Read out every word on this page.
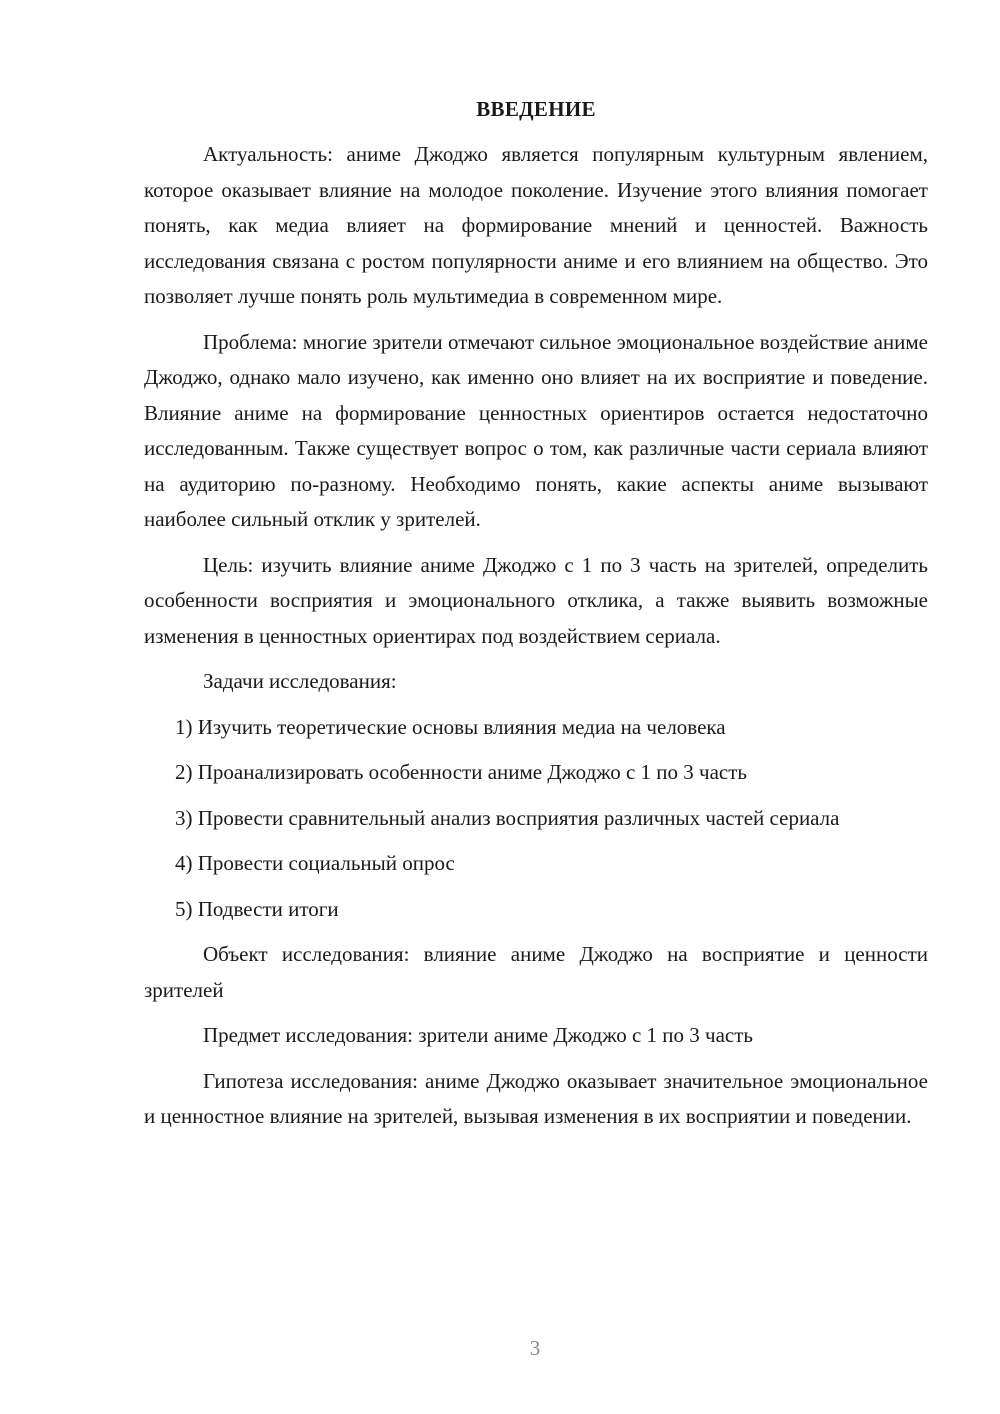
ВВЕДЕНИЕ

Актуальность: аниме Джоджо является популярным культурным явлением, которое оказывает влияние на молодое поколение. Изучение этого влияния помогает понять, как медиа влияет на формирование мнений и ценностей. Важность исследования связана с ростом популярности аниме и его влиянием на общество. Это позволяет лучше понять роль мультимедиа в современном мире.

Проблема: многие зрители отмечают сильное эмоциональное воздействие аниме Джоджо, однако мало изучено, как именно оно влияет на их восприятие и поведение. Влияние аниме на формирование ценностных ориентиров остается недостаточно исследованным. Также существует вопрос о том, как различные части сериала влияют на аудиторию по-разному. Необходимо понять, какие аспекты аниме вызывают наиболее сильный отклик у зрителей.

Цель: изучить влияние аниме Джоджо с 1 по 3 часть на зрителей, определить особенности восприятия и эмоционального отклика, а также выявить возможные изменения в ценностных ориентирах под воздействием сериала.

Задачи исследования:

1) Изучить теоретические основы влияния медиа на человека

2) Проанализировать особенности аниме Джоджо с 1 по 3 часть

3) Провести сравнительный анализ восприятия различных частей сериала

4) Провести социальный опрос

5) Подвести итоги

Объект исследования: влияние аниме Джоджо на восприятие и ценности зрителей

Предмет исследования: зрители аниме Джоджо с 1 по 3 часть

Гипотеза исследования: аниме Джоджо оказывает значительное эмоциональное и ценностное влияние на зрителей, вызывая изменения в их восприятии и поведении.

3
